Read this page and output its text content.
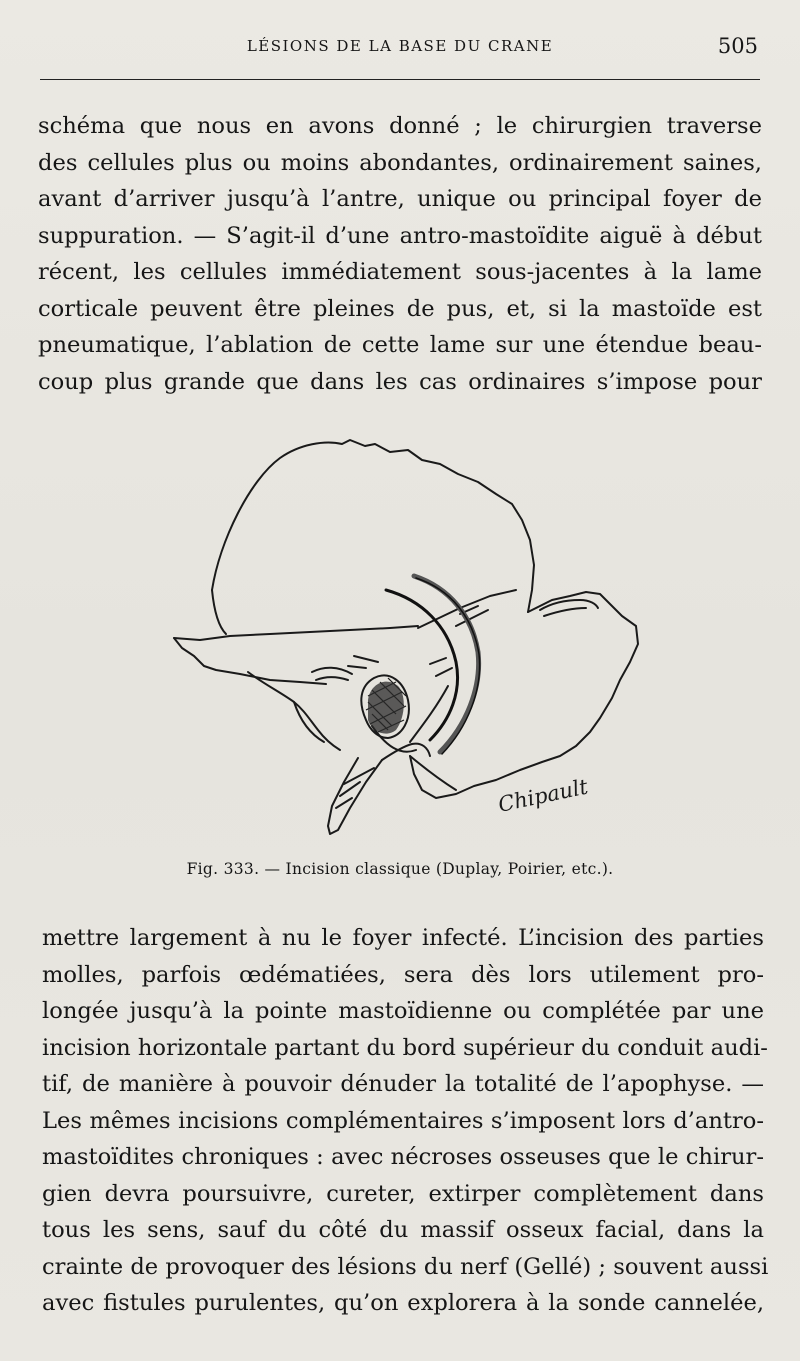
LÉSIONS DE LA BASE DU CRANE	505
schéma que nous en avons donné ; le chirurgien traverse
des cellules plus ou moins abondantes, ordinairement saines,
avant d’arriver jusqu’à l’antre, unique ou principal foyer de
suppuration. — S’agit-il d’une antro-mastoïdite aiguë à début
récent, les cellules immédiatement sous-jacentes à la lame
corticale peuvent être pleines de pus, et, si la mastoïde est
pneumatique, l’ablation de cette lame sur une étendue beau-
coup plus grande que dans les cas ordinaires s’impose pour
Chipault
Fig. 333. — Incision classique (Duplay, Poirier, etc.).
mettre largement à nu le foyer infecté. L’incision des parties
molles, parfois œdématiées, sera dès lors utilement pro-
longée jusqu’à la pointe mastoïdienne ou complétée par une
incision horizontale partant du bord supérieur du conduit audi-
tif, de manière à pouvoir dénuder la totalité de l’apophyse. —
Les mêmes incisions complémentaires s’imposent lors d’antro-
mastoïdites chroniques : avec nécroses osseuses que le chirur-
gien devra poursuivre, cureter, extirper complètement dans
tous les sens, sauf du côté du massif osseux facial, dans la
crainte de provoquer des lésions du nerf (Gellé) ; souvent aussi
avec fistules purulentes, qu’on explorera à la sonde cannelée,
